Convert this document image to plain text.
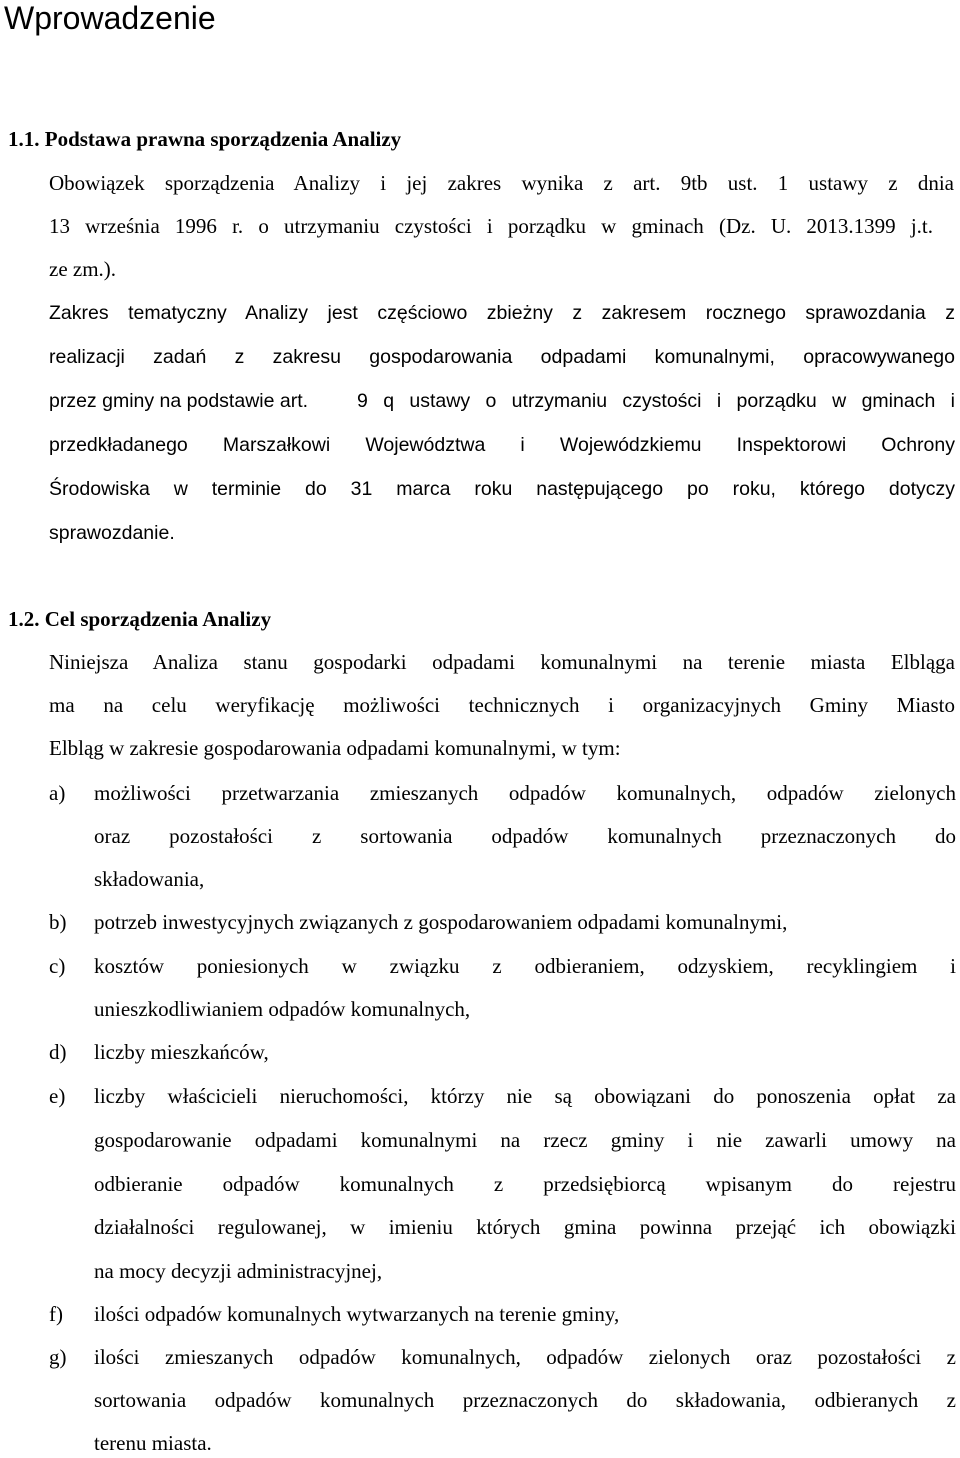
Wprowadzenie
1.1. Podstawa prawna sporządzenia Analizy
Obowiązek sporządzenia Analizy i jej zakres wynika z art. 9tb ust. 1 ustawy z dnia
13 września 1996 r. o utrzymaniu czystości i porządku w gminach (Dz. U. 2013.1399 j.t.
ze zm.).
Zakres tematyczny Analizy jest częściowo zbieżny z zakresem rocznego sprawozdania z
realizacji zadań z zakresu gospodarowania odpadami komunalnymi, opracowywanego
przez gminy na podstawie art.	9 q ustawy o utrzymaniu czystości i porządku w gminach i
przedkładanego Marszałkowi Województwa i Wojewódzkiemu Inspektorowi Ochrony
Środowiska w terminie do 31 marca roku następującego po roku, którego dotyczy
sprawozdanie.
1.2. Cel sporządzenia Analizy
Niniejsza Analiza stanu gospodarki odpadami komunalnymi na terenie miasta Elbląga
ma na celu weryfikację możliwości technicznych i organizacyjnych Gminy Miasto
Elbląg w zakresie gospodarowania odpadami komunalnymi, w tym:
a) możliwości przetwarzania zmieszanych odpadów komunalnych, odpadów zielonych
oraz pozostałości z sortowania odpadów komunalnych przeznaczonych do
składowania,
b) potrzeb inwestycyjnych związanych z gospodarowaniem odpadami komunalnymi,
c) kosztów poniesionych w związku z odbieraniem, odzyskiem, recyklingiem i
unieszkodliwianiem odpadów komunalnych,
d) liczby mieszkańców,
e) liczby właścicieli nieruchomości, którzy nie są obowiązani do ponoszenia opłat za
gospodarowanie odpadami komunalnymi na rzecz gminy i nie zawarli umowy na
odbieranie odpadów komunalnych z przedsiębiorcą wpisanym do rejestru
działalności regulowanej, w imieniu których gmina powinna przejąć ich obowiązki
na mocy decyzji administracyjnej,
f) ilości odpadów komunalnych wytwarzanych na terenie gminy,
g) ilości zmieszanych odpadów komunalnych, odpadów zielonych oraz pozostałości z
sortowania odpadów komunalnych przeznaczonych do składowania, odbieranych z
terenu miasta.
